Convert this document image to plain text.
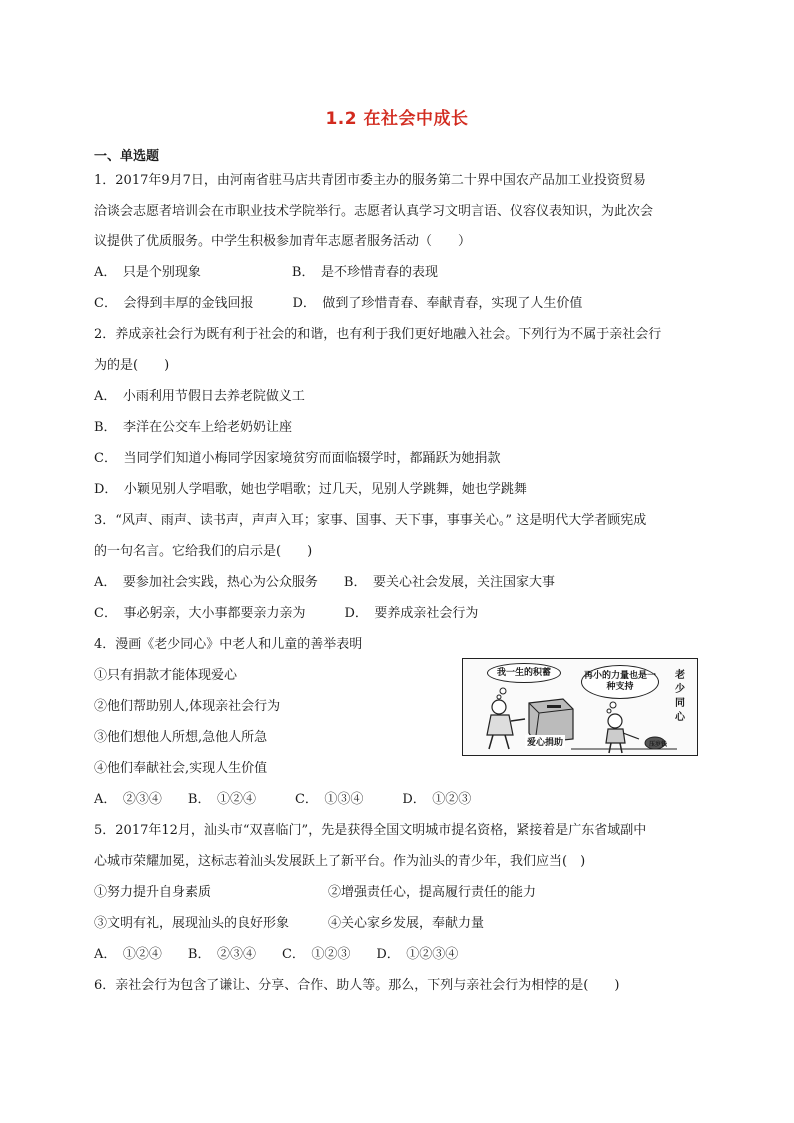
1.2 在社会中成长
一、单选题
1．2017年9月7日，由河南省驻马店共青团市委主办的服务第二十界中国农产品加工业投资贸易
洽谈会志愿者培训会在市职业技术学院举行。志愿者认真学习文明言语、仪容仪表知识，为此次会
议提供了优质服务。中学生积极参加青年志愿者服务活动（　　）
A．　只是个别现象　　　　　　　B．　是不珍惜青春的表现
C．　会得到丰厚的金钱回报　　　D．　做到了珍惜青春、奉献青春，实现了人生价值
2．养成亲社会行为既有利于社会的和谐，也有利于我们更好地融入社会。下列行为不属于亲社会行
为的是(　　)
A．　小雨利用节假日去养老院做义工
B．　李洋在公交车上给老奶奶让座
C．　当同学们知道小梅同学因家境贫穷而面临辍学时，都踊跃为她捐款
D．　小颖见别人学唱歌，她也学唱歌；过几天，见别人学跳舞，她也学跳舞
3．“风声、雨声、读书声，声声入耳；家事、国事、天下事，事事关心。” 这是明代大学者顾宪成
的一句名言。它给我们的启示是(　　)
A．　要参加社会实践，热心为公众服务　　B．　要关心社会发展，关注国家大事
C．　事必躬亲，大小事都要亲力亲为　　　D．　要养成亲社会行为
4．漫画《老少同心》中老人和儿童的善举表明
①只有捐款才能体现爱心
②他们帮助别人,体现亲社会行为
③他们想他人所想,急他人所急
④他们奉献社会,实现人生价值
A．　②③④　　B．　①②④　　　C．　①③④　　　D．　①②③
5．2017年12月，汕头市“双喜临门”，先是获得全国文明城市提名资格，紧接着是广东省域副中
心城市荣耀加冕，这标志着汕头发展跃上了新平台。作为汕头的青少年，我们应当(　)
①努力提升自身素质　　　　　　　　　②增强责任心，提高履行责任的能力
③文明有礼，展现汕头的良好形象　　　④关心家乡发展，奉献力量
A．　①②④　　B．　②③④　　C．　①②③　　D．　①②③④
6．亲社会行为包含了谦让、分享、合作、助人等。那么，下列与亲社会行为相悖的是(　　)
我一生的积蓄	再小的力量也是一种支持
老少同心
爱心捐助	压岁钱
